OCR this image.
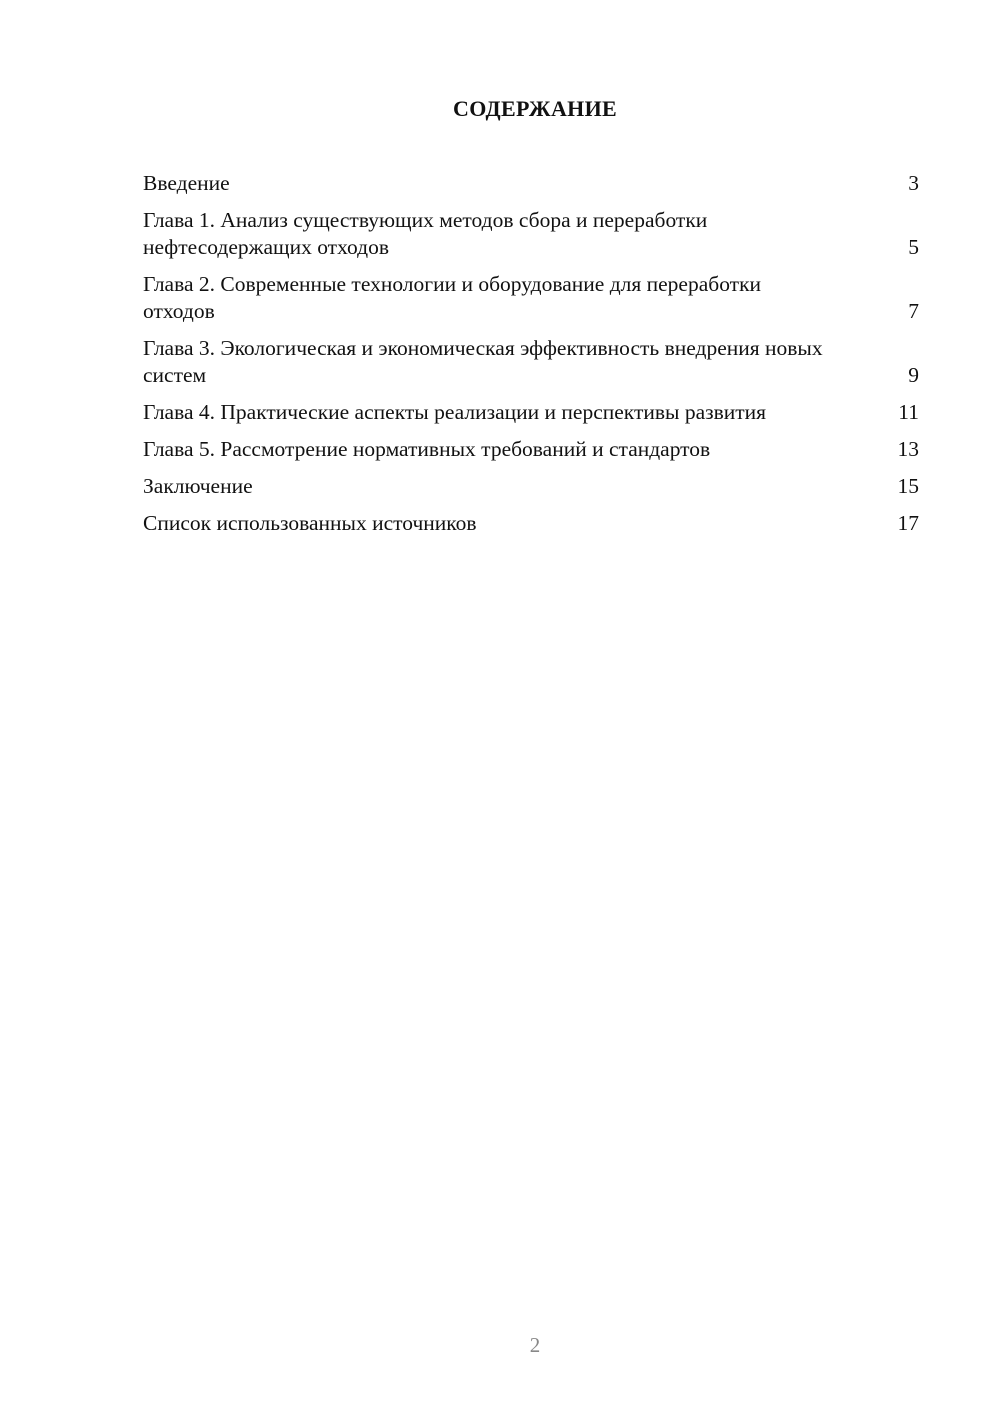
СОДЕРЖАНИЕ
Введение	3
Глава 1. Анализ существующих методов сбора и переработки нефтесодержащих отходов	5
Глава 2. Современные технологии и оборудование для переработки отходов	7
Глава 3. Экологическая и экономическая эффективность внедрения новых систем	9
Глава 4. Практические аспекты реализации и перспективы развития	11
Глава 5. Рассмотрение нормативных требований и стандартов	13
Заключение	15
Список использованных источников	17
2
